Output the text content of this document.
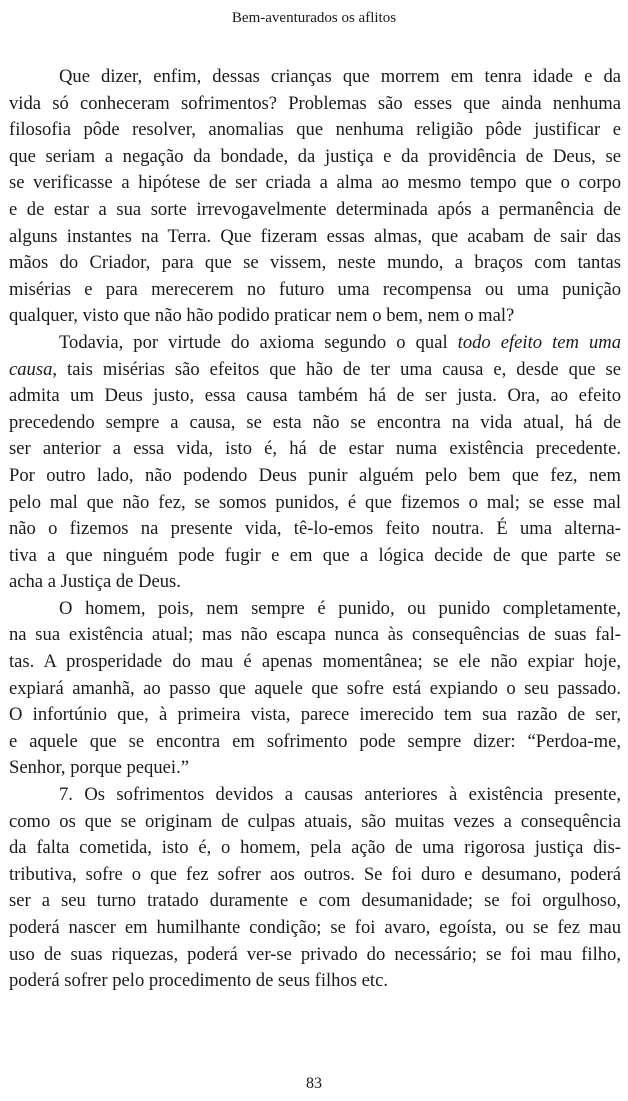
Bem-aventurados os aflitos
Que dizer, enfim, dessas crianças que morrem em tenra idade e da
vida só conheceram sofrimentos? Problemas são esses que ainda nenhuma
filosofia pôde resolver, anomalias que nenhuma religião pôde justificar e
que seriam a negação da bondade, da justiça e da providência de Deus, se
se verificasse a hipótese de ser criada a alma ao mesmo tempo que o corpo
e de estar a sua sorte irrevogavelmente determinada após a permanência de
alguns instantes na Terra. Que fizeram essas almas, que acabam de sair das
mãos do Criador, para que se vissem, neste mundo, a braços com tantas
misérias e para merecerem no futuro uma recompensa ou uma punição
qualquer, visto que não hão podido praticar nem o bem, nem o mal?
Todavia, por virtude do axioma segundo o qual todo efeito tem uma
causa, tais misérias são efeitos que hão de ter uma causa e, desde que se
admita um Deus justo, essa causa também há de ser justa. Ora, ao efeito
precedendo sempre a causa, se esta não se encontra na vida atual, há de
ser anterior a essa vida, isto é, há de estar numa existência precedente.
Por outro lado, não podendo Deus punir alguém pelo bem que fez, nem
pelo mal que não fez, se somos punidos, é que fizemos o mal; se esse mal
não o fizemos na presente vida, tê-lo-emos feito noutra. É uma alterna-
tiva a que ninguém pode fugir e em que a lógica decide de que parte se
acha a Justiça de Deus.
O homem, pois, nem sempre é punido, ou punido completamente,
na sua existência atual; mas não escapa nunca às consequências de suas fal-
tas. A prosperidade do mau é apenas momentânea; se ele não expiar hoje,
expiará amanhã, ao passo que aquele que sofre está expiando o seu passado.
O infortúnio que, à primeira vista, parece imerecido tem sua razão de ser,
e aquele que se encontra em sofrimento pode sempre dizer: “Perdoa-me,
Senhor, porque pequei.”
7. Os sofrimentos devidos a causas anteriores à existência presente,
como os que se originam de culpas atuais, são muitas vezes a consequência
da falta cometida, isto é, o homem, pela ação de uma rigorosa justiça dis-
tributiva, sofre o que fez sofrer aos outros. Se foi duro e desumano, poderá
ser a seu turno tratado duramente e com desumanidade; se foi orgulhoso,
poderá nascer em humilhante condição; se foi avaro, egoísta, ou se fez mau
uso de suas riquezas, poderá ver-se privado do necessário; se foi mau filho,
poderá sofrer pelo procedimento de seus filhos etc.
83
